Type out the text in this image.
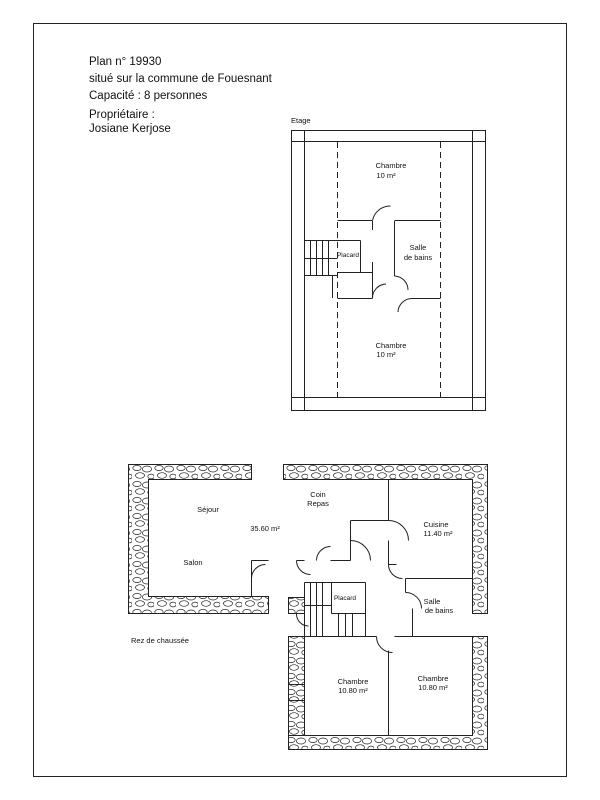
Plan n° 19930
situé sur la commune de Fouesnant
Capacité : 8 personnes
Propriétaire :
Josiane Kerjose
Etage
Chambre
10 m²
Placard
Salle
de bains
Chambre
10 m²
Coin
Repas
Séjour
35.60 m²
Salon
Cuisine
11.40 m²
Placard	Salle
de bains
Rez de chaussée
Chambre
10.80 m²
Chambre
10.80 m²
